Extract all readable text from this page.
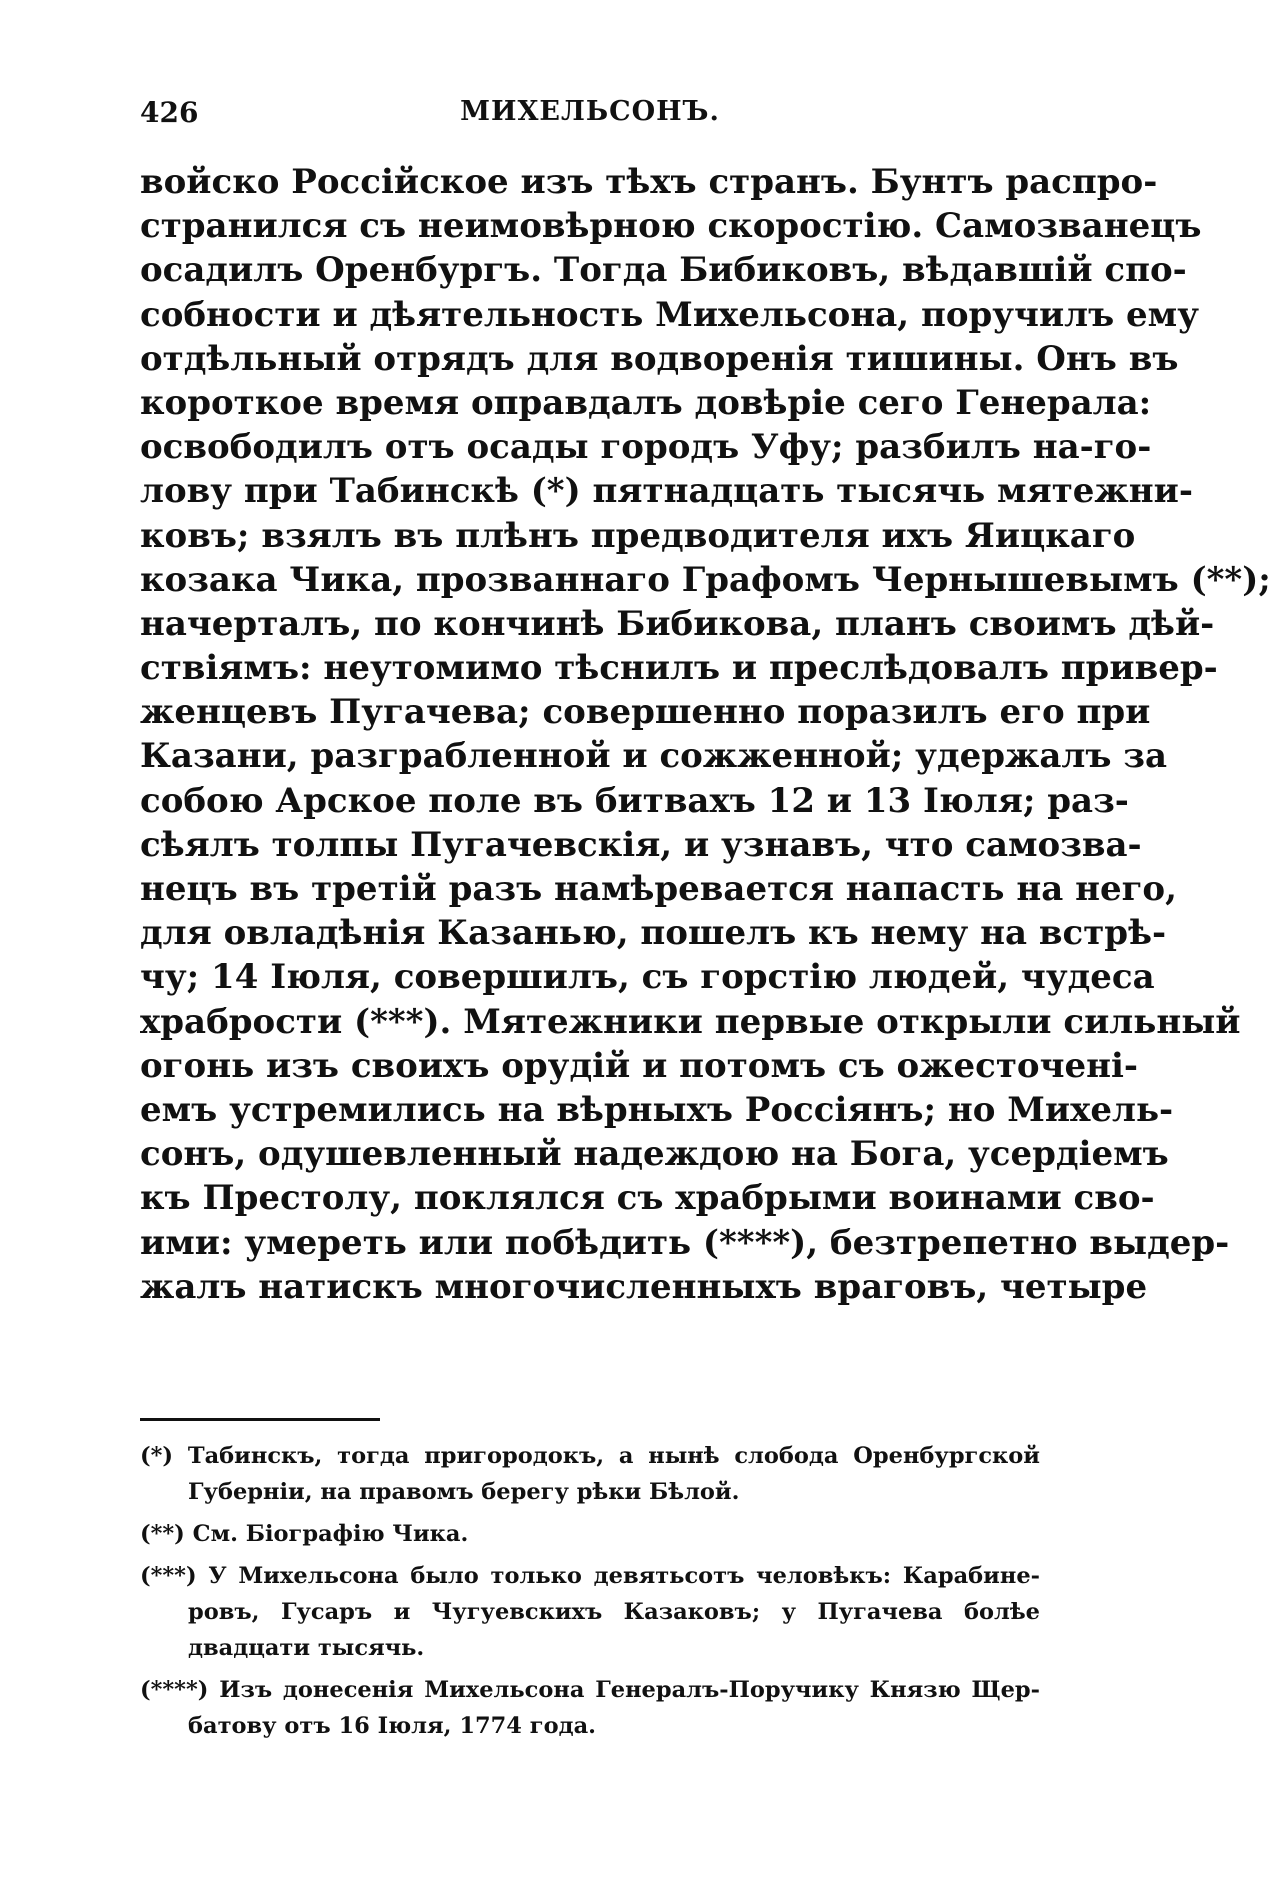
426	МИХЕЛЬСОНЪ.
войско Россійское изъ тѣхъ странъ. Бунтъ распро-
странился съ неимовѣрною скоростію. Самозванецъ
осадилъ Оренбургъ. Тогда Бибиковъ, вѣдавшій спо-
собности и дѣятельность Михельсона, поручилъ ему
отдѣльный отрядъ для водворенія тишины. Онъ въ
короткое время оправдалъ довѣріе сего Генерала:
освободилъ отъ осады городъ Уфу; разбилъ на-го-
лову при Табинскѣ (*) пятнадцать тысячь мятежни-
ковъ; взялъ въ плѣнъ предводителя ихъ Яицкаго
козака Чика, прозваннаго Графомъ Чернышевымъ (**);
начерталъ, по кончинѣ Бибикова, планъ своимъ дѣй-
ствіямъ: неутомимо тѣснилъ и преслѣдовалъ привер-
женцевъ Пугачева; совершенно поразилъ его при
Казани, разграбленной и сожженной; удержалъ за
собою Арское поле въ битвахъ 12 и 13 Іюля; раз-
сѣялъ толпы Пугачевскія, и узнавъ, что самозва-
нецъ въ третій разъ намѣревается напасть на него,
для овладѣнія Казанью, пошелъ къ нему на встрѣ-
чу; 14 Іюля, совершилъ, съ горстію людей, чудеса
храбрости (***). Мятежники первые открыли сильный
огонь изъ своихъ орудій и потомъ съ ожесточені-
емъ устремились на вѣрныхъ Россіянъ; но Михель-
сонъ, одушевленный надеждою на Бога, усердіемъ
къ Престолу, поклялся съ храбрыми воинами сво-
ими: умереть или побѣдить (****), безтрепетно выдер-
жалъ натискъ многочисленныхъ враговъ, четыре
(*) Табинскъ, тогда пригородокъ, а нынѣ слобода Оренбургской
Губерніи, на правомъ берегу рѣки Бѣлой.
(**) См. Біографію Чика.
(***) У Михельсона было только девятьсотъ человѣкъ: Карабине-
ровъ, Гусаръ и Чугуевскихъ Казаковъ; у Пугачева болѣе
двадцати тысячь.
(****) Изъ донесенія Михельсона Генералъ-Поручику Князю Щер-
батову отъ 16 Іюля, 1774 года.
